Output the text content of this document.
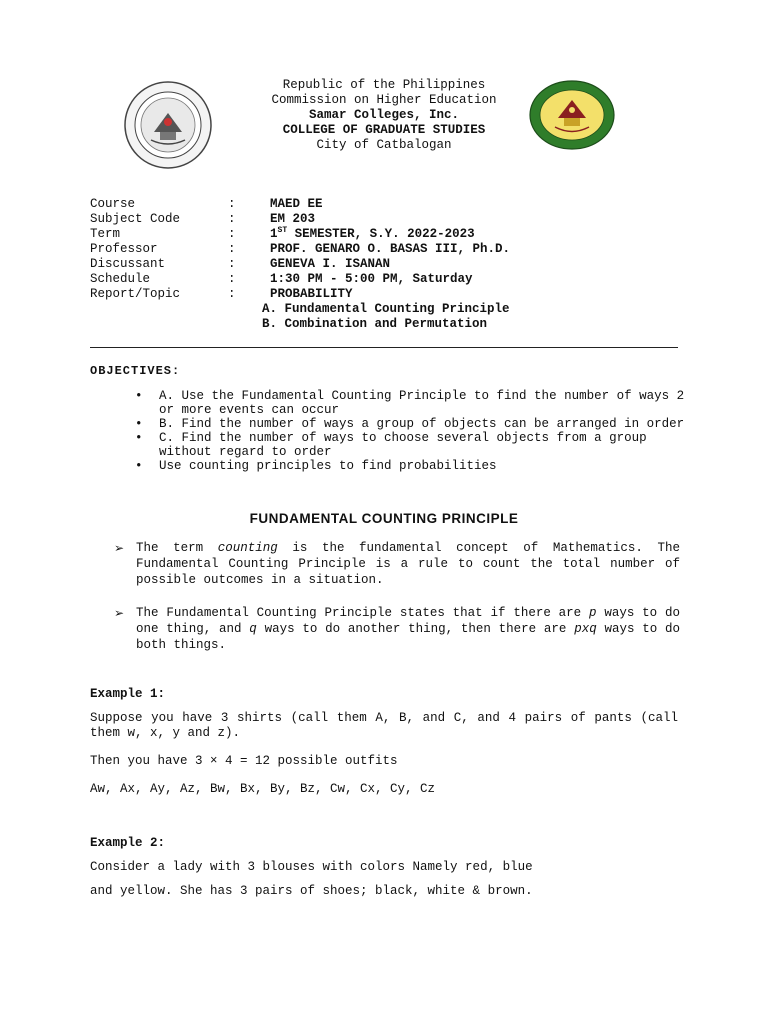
Republic of the Philippines
Commission on Higher Education
Samar Colleges, Inc.
COLLEGE OF GRADUATE STUDIES
City of Catbalogan
Course	:	MAED EE
Subject Code	:	EM 203
Term	:	1ST SEMESTER, S.Y. 2022-2023
Professor	:	PROF. GENARO O. BASAS III, Ph.D.
Discussant	:	GENEVA I. ISANAN
Schedule	:	1:30 PM - 5:00 PM, Saturday
Report/Topic	:	PROBABILITY
A. Fundamental Counting Principle
B. Combination and Permutation
OBJECTIVES:
• A. Use the Fundamental Counting Principle to find the number of ways 2 or more events can occur
• B. Find the number of ways a group of objects can be arranged in order
• C. Find the number of ways to choose several objects from a group without regard to order
• Use counting principles to find probabilities
FUNDAMENTAL COUNTING PRINCIPLE
➢ The term counting is the fundamental concept of Mathematics. The Fundamental Counting Principle is a rule to count the total number of possible outcomes in a situation.
➢ The Fundamental Counting Principle states that if there are p ways to do one thing, and q ways to do another thing, then there are pxq ways to do both things.
Example 1:
Suppose you have 3 shirts (call them A, B, and C, and 4 pairs of pants (call them w, x, y and z).
Then you have 3 × 4 = 12 possible outfits
Aw, Ax, Ay, Az, Bw, Bx, By, Bz, Cw, Cx, Cy, Cz
Example 2:
Consider a lady with 3 blouses with colors Namely red, blue
and yellow. She has 3 pairs of shoes; black, white & brown.
